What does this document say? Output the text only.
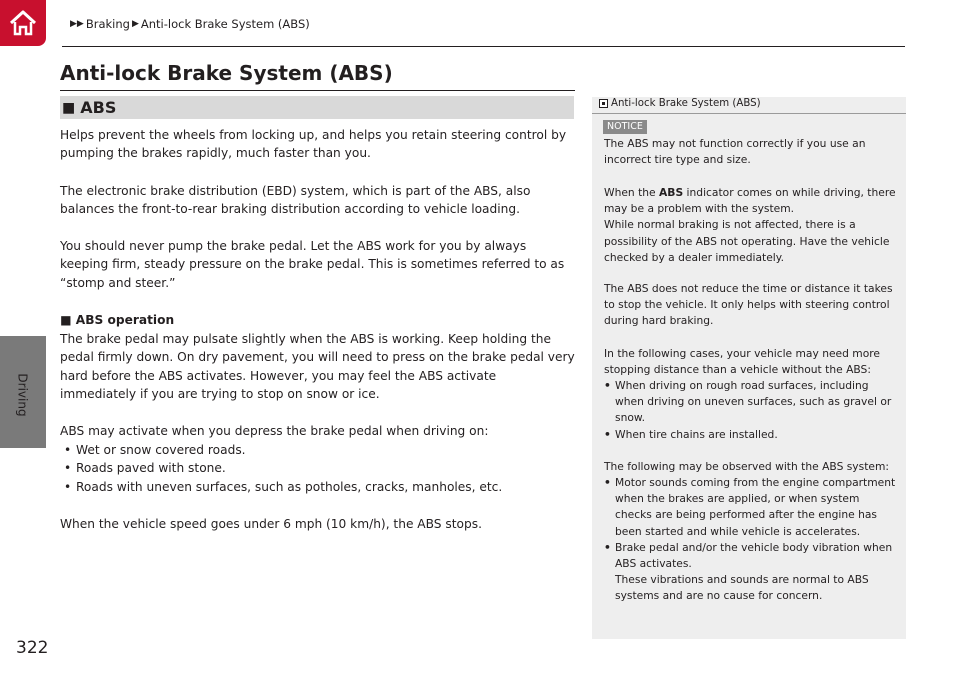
Driving
▶▶ Braking ▶ Anti-lock Brake System (ABS)
Anti-lock Brake System (ABS)
■ ABS
Helps prevent the wheels from locking up, and helps you retain steering control by pumping the brakes rapidly, much faster than you.
The electronic brake distribution (EBD) system, which is part of the ABS, also balances the front-to-rear braking distribution according to vehicle loading.
You should never pump the brake pedal. Let the ABS work for you by always keeping firm, steady pressure on the brake pedal. This is sometimes referred to as “stomp and steer.”
■ ABS operation
The brake pedal may pulsate slightly when the ABS is working. Keep holding the pedal firmly down. On dry pavement, you will need to press on the brake pedal very hard before the ABS activates. However, you may feel the ABS activate immediately if you are trying to stop on snow or ice.
ABS may activate when you depress the brake pedal when driving on:
• Wet or snow covered roads.
• Roads paved with stone.
• Roads with uneven surfaces, such as potholes, cracks, manholes, etc.
When the vehicle speed goes under 6 mph (10 km/h), the ABS stops.
Anti-lock Brake System (ABS)
NOTICE
The ABS may not function correctly if you use an incorrect tire type and size.

When the ABS indicator comes on while driving, there may be a problem with the system.

While normal braking is not affected, there is a possibility of the ABS not operating. Have the vehicle checked by a dealer immediately.

The ABS does not reduce the time or distance it takes to stop the vehicle. It only helps with steering control during hard braking.
In the following cases, your vehicle may need more stopping distance than a vehicle without the ABS:
• When driving on rough road surfaces, including when driving on uneven surfaces, such as gravel or snow.
• When tire chains are installed.
The following may be observed with the ABS system:
• Motor sounds coming from the engine compartment when the brakes are applied, or when system checks are being performed after the engine has been started and while vehicle is accelerates.
• Brake pedal and/or the vehicle body vibration when ABS activates.
These vibrations and sounds are normal to ABS systems and are no cause for concern.
322
